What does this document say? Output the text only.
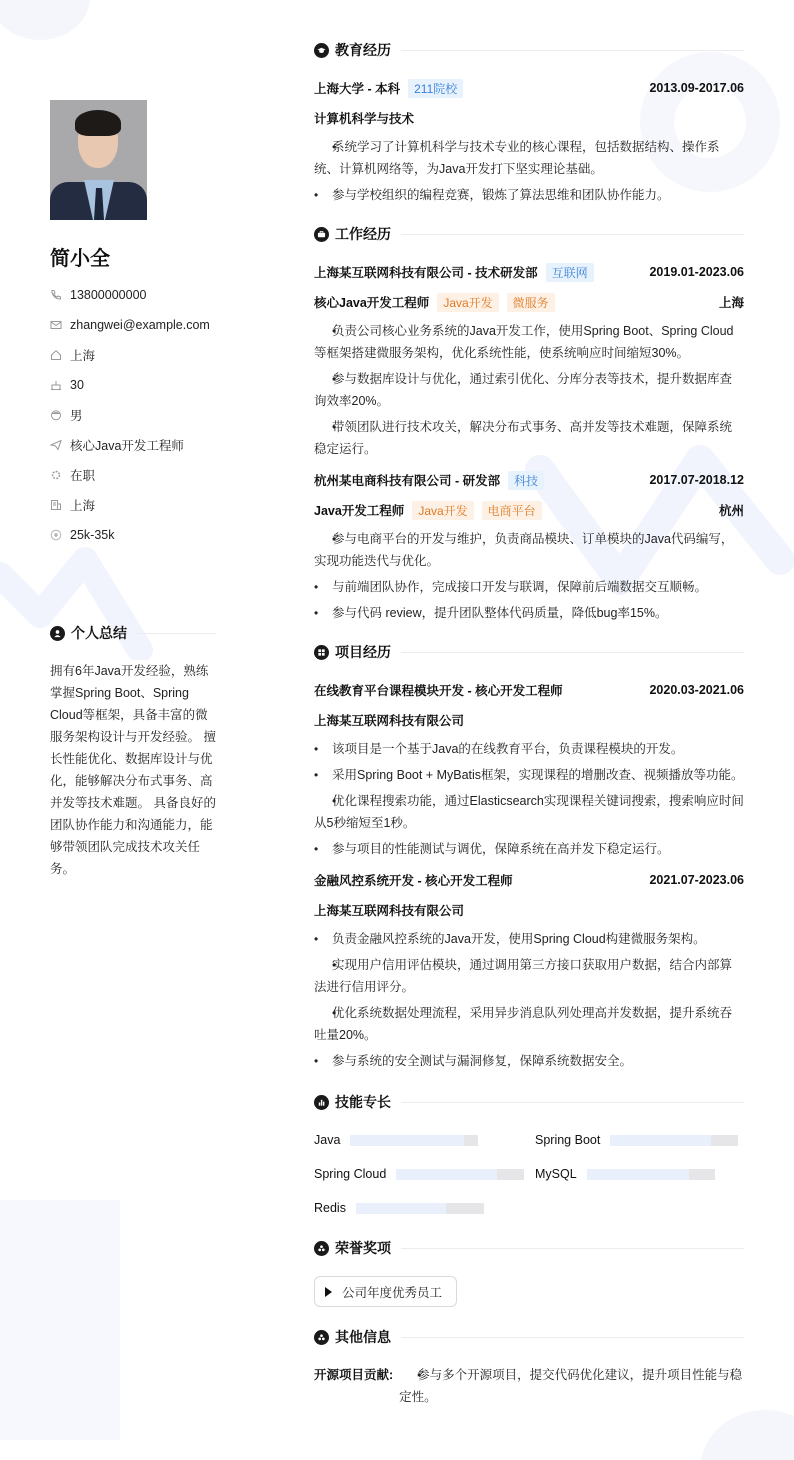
简小全
13800000000
zhangwei@example.com
上海
30
男
核心Java开发工程师
在职
上海
25k-35k
个人总结

拥有6年Java开发经验，熟练掌握Spring Boot、Spring Cloud等框架，具备丰富的微服务架构设计与开发经验。 擅长性能优化、数据库设计与优化，能够解决分布式事务、高并发等技术难题。 具备良好的团队协作能力和沟通能力，能够带领团队完成技术攻关任务。

教育经历
上海大学 - 本科	211院校	2013.09-2017.06
计算机科学与技术

• 系统学习了计算机科学与技术专业的核心课程，包括数据结构、操作系统、计算机网络等，为Java开发打下坚实理论基础。

• 参与学校组织的编程竞赛，锻炼了算法思维和团队协作能力。

工作经历
上海某互联网科技有限公司 - 技术研发部	互联网	2019.01-2023.06
核心Java开发工程师	Java开发	微服务	上海

• 负责公司核心业务系统的Java开发工作，使用Spring Boot、Spring Cloud等框架搭建微服务架构，优化系统性能，使系统响应时间缩短30%。

• 参与数据库设计与优化，通过索引优化、分库分表等技术，提升数据库查询效率20%。

• 带领团队进行技术攻关，解决分布式事务、高并发等技术难题，保障系统稳定运行。

杭州某电商科技有限公司 - 研发部	科技	2017.07-2018.12
Java开发工程师	Java开发	电商平台	杭州

• 参与电商平台的开发与维护，负责商品模块、订单模块的Java代码编写，实现功能迭代与优化。

• 与前端团队协作，完成接口开发与联调，保障前后端数据交互顺畅。

• 参与代码 review，提升团队整体代码质量，降低bug率15%。

项目经历
在线教育平台课程模块开发 - 核心开发工程师	2020.03-2021.06
上海某互联网科技有限公司

• 该项目是一个基于Java的在线教育平台，负责课程模块的开发。

• 采用Spring Boot + MyBatis框架，实现课程的增删改查、视频播放等功能。

• 优化课程搜索功能，通过Elasticsearch实现课程关键词搜索，搜索响应时间从5秒缩短至1秒。

• 参与项目的性能测试与调优，保障系统在高并发下稳定运行。

金融风控系统开发 - 核心开发工程师	2021.07-2023.06
上海某互联网科技有限公司

• 负责金融风控系统的Java开发，使用Spring Cloud构建微服务架构。

• 实现用户信用评估模块，通过调用第三方接口获取用户数据，结合内部算法进行信用评分。

• 优化系统数据处理流程，采用异步消息队列处理高并发数据，提升系统吞吐量20%。

• 参与系统的安全测试与漏洞修复，保障系统数据安全。

技能专长
Java	Spring Boot
Spring Cloud	MySQL
Redis
荣誉奖项
公司年度优秀员工
其他信息
开源项目贡献:	• 参与多个开源项目，提交代码优化建议，提升项目性能与稳定性。
